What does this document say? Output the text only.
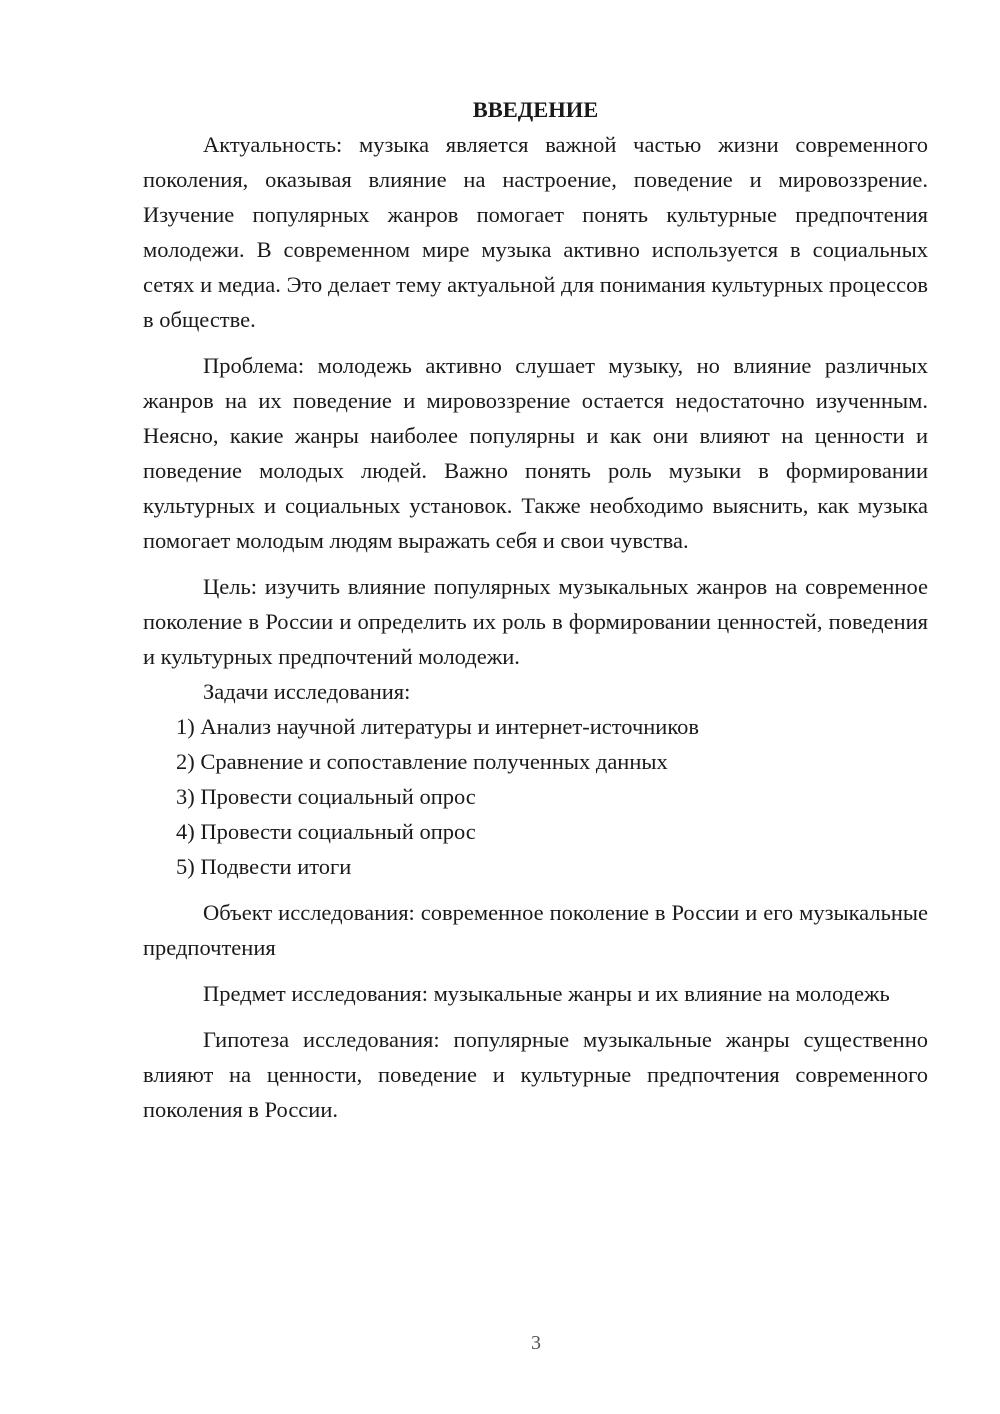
ВВЕДЕНИЕ

Актуальность: музыка является важной частью жизни современного поколения, оказывая влияние на настроение, поведение и мировоззрение. Изучение популярных жанров помогает понять культурные предпочтения молодежи. В современном мире музыка активно используется в социальных сетях и медиа. Это делает тему актуальной для понимания культурных процессов в обществе.

Проблема: молодежь активно слушает музыку, но влияние различных жанров на их поведение и мировоззрение остается недостаточно изученным. Неясно, какие жанры наиболее популярны и как они влияют на ценности и поведение молодых людей. Важно понять роль музыки в формировании культурных и социальных установок. Также необходимо выяснить, как музыка помогает молодым людям выражать себя и свои чувства.

Цель: изучить влияние популярных музыкальных жанров на современное поколение в России и определить их роль в формировании ценностей, поведения и культурных предпочтений молодежи.

Задачи исследования:

1) Анализ научной литературы и интернет-источников

2) Сравнение и сопоставление полученных данных

3) Провести социальный опрос

4) Провести социальный опрос

5) Подвести итоги

Объект исследования: современное поколение в России и его музыкальные предпочтения

Предмет исследования: музыкальные жанры и их влияние на молодежь

Гипотеза исследования: популярные музыкальные жанры существенно влияют на ценности, поведение и культурные предпочтения современного поколения в России.

3
